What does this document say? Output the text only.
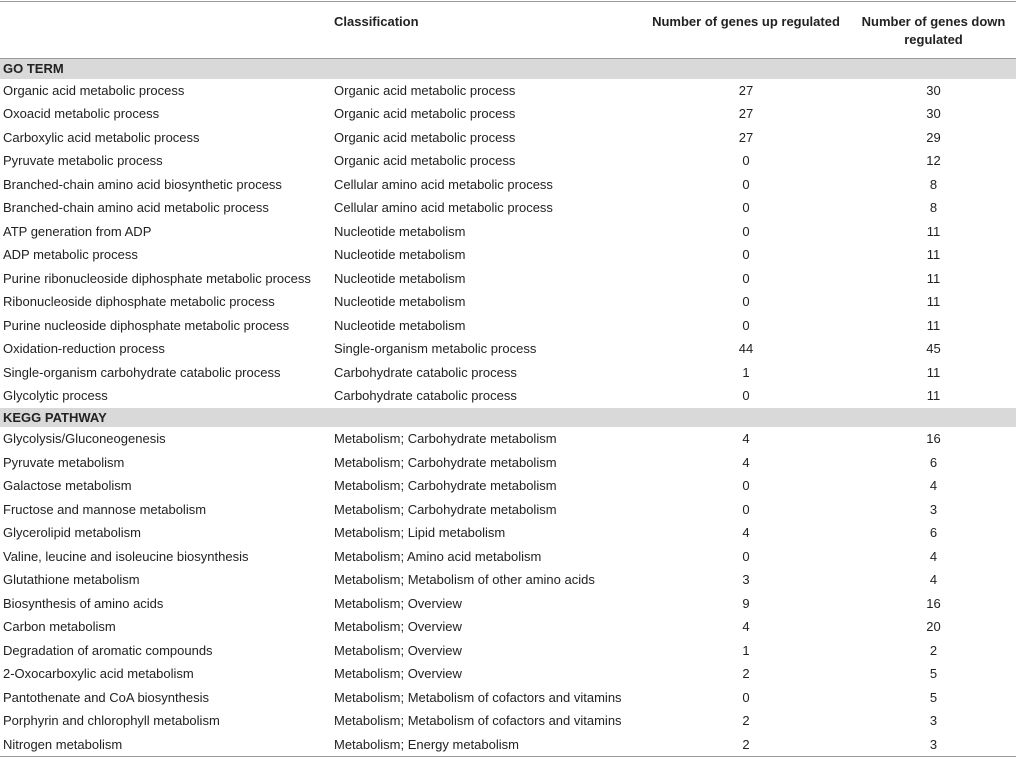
	Classification	Number of genes up regulated	Number of genes down regulated
GO TERM			
Organic acid metabolic process	Organic acid metabolic process	27	30
Oxoacid metabolic process	Organic acid metabolic process	27	30
Carboxylic acid metabolic process	Organic acid metabolic process	27	29
Pyruvate metabolic process	Organic acid metabolic process	0	12
Branched-chain amino acid biosynthetic process	Cellular amino acid metabolic process	0	8
Branched-chain amino acid metabolic process	Cellular amino acid metabolic process	0	8
ATP generation from ADP	Nucleotide metabolism	0	11
ADP metabolic process	Nucleotide metabolism	0	11
Purine ribonucleoside diphosphate metabolic process	Nucleotide metabolism	0	11
Ribonucleoside diphosphate metabolic process	Nucleotide metabolism	0	11
Purine nucleoside diphosphate metabolic process	Nucleotide metabolism	0	11
Oxidation-reduction process	Single-organism metabolic process	44	45
Single-organism carbohydrate catabolic process	Carbohydrate catabolic process	1	11
Glycolytic process	Carbohydrate catabolic process	0	11
KEGG PATHWAY			
Glycolysis/Gluconeogenesis	Metabolism; Carbohydrate metabolism	4	16
Pyruvate metabolism	Metabolism; Carbohydrate metabolism	4	6
Galactose metabolism	Metabolism; Carbohydrate metabolism	0	4
Fructose and mannose metabolism	Metabolism; Carbohydrate metabolism	0	3
Glycerolipid metabolism	Metabolism; Lipid metabolism	4	6
Valine, leucine and isoleucine biosynthesis	Metabolism; Amino acid metabolism	0	4
Glutathione metabolism	Metabolism; Metabolism of other amino acids	3	4
Biosynthesis of amino acids	Metabolism; Overview	9	16
Carbon metabolism	Metabolism; Overview	4	20
Degradation of aromatic compounds	Metabolism; Overview	1	2
2-Oxocarboxylic acid metabolism	Metabolism; Overview	2	5
Pantothenate and CoA biosynthesis	Metabolism; Metabolism of cofactors and vitamins	0	5
Porphyrin and chlorophyll metabolism	Metabolism; Metabolism of cofactors and vitamins	2	3
Nitrogen metabolism	Metabolism; Energy metabolism	2	3
